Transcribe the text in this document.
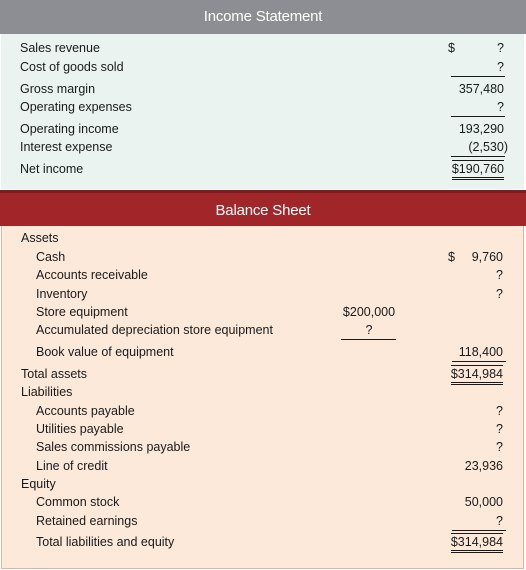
Income Statement
Sales revenue	$	?
Cost of goods sold	?
Gross margin	357,480
Operating expenses	?
Operating income	193,290
Interest expense	(2,530)
Net income	$190,760
Balance Sheet
Assets
Cash	$ 9,760
Accounts receivable	?
Inventory	?
Store equipment	$200,000
Accumulated depreciation store equipment	?
Book value of equipment	118,400
Total assets	$314,984
Liabilities
Accounts payable	?
Utilities payable	?
Sales commissions payable	?
Line of credit	23,936
Equity
Common stock	50,000
Retained earnings	?
Total liabilities and equity	$314,984
